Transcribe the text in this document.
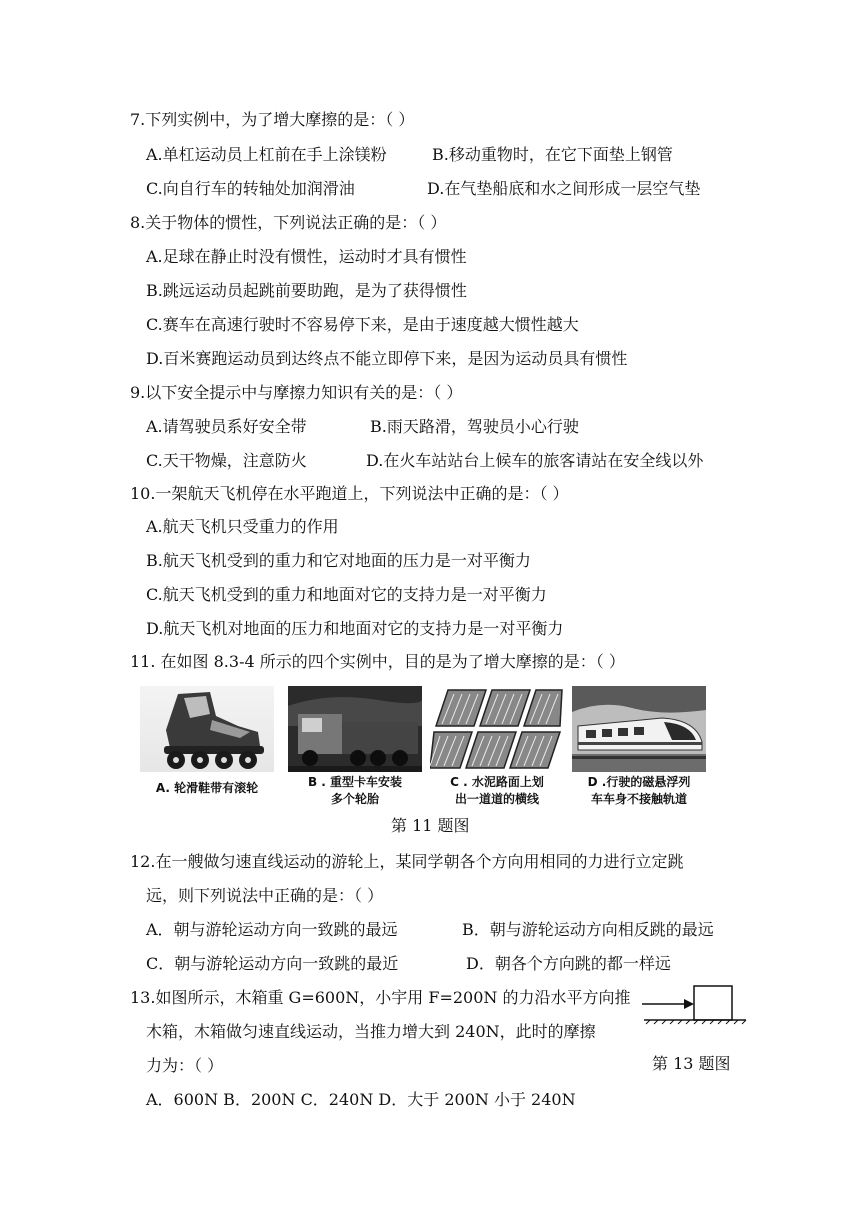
7.下列实例中，为了增大摩擦的是：（ ）
A.单杠运动员上杠前在手上涂镁粉	B.移动重物时，在它下面垫上钢管
C.向自行车的转轴处加润滑油	D.在气垫船底和水之间形成一层空气垫
8.关于物体的惯性，下列说法正确的是：（ ）
A.足球在静止时没有惯性，运动时才具有惯性
B.跳远运动员起跳前要助跑，是为了获得惯性
C.赛车在高速行驶时不容易停下来，是由于速度越大惯性越大
D.百米赛跑运动员到达终点不能立即停下来，是因为运动员具有惯性
9.以下安全提示中与摩擦力知识有关的是：（ ）
A.请驾驶员系好安全带	B.雨天路滑，驾驶员小心行驶
C.天干物燥，注意防火	D.在火车站站台上候车的旅客请站在安全线以外
10.一架航天飞机停在水平跑道上，下列说法中正确的是：（ ）
A.航天飞机只受重力的作用
B.航天飞机受到的重力和它对地面的压力是一对平衡力
C.航天飞机受到的重力和地面对它的支持力是一对平衡力
D.航天飞机对地面的压力和地面对它的支持力是一对平衡力
11. 在如图 8.3-4 所示的四个实例中，目的是为了增大摩擦的是：（ ）
A. 轮滑鞋带有滚轮	B . 重型卡车安装
多个轮胎
C . 水泥路面上划
出一道道的横线
D .行驶的磁悬浮列
车车身不接触轨道
第 11 题图
12.在一艘做匀速直线运动的游轮上，某同学朝各个方向用相同的力进行立定跳
远，则下列说法中正确的是：（ ）
A．朝与游轮运动方向一致跳的最远	B．朝与游轮运动方向相反跳的最远
C．朝与游轮运动方向一致跳的最近	D．朝各个方向跳的都一样远
13.如图所示，木箱重 G=600N，小宇用 F=200N 的力沿水平方向推
木箱，木箱做匀速直线运动，当推力增大到 240N，此时的摩擦
力为：（ ）
A．600N B．200N C．240N D．大于 200N 小于 240N
第 13 题图
